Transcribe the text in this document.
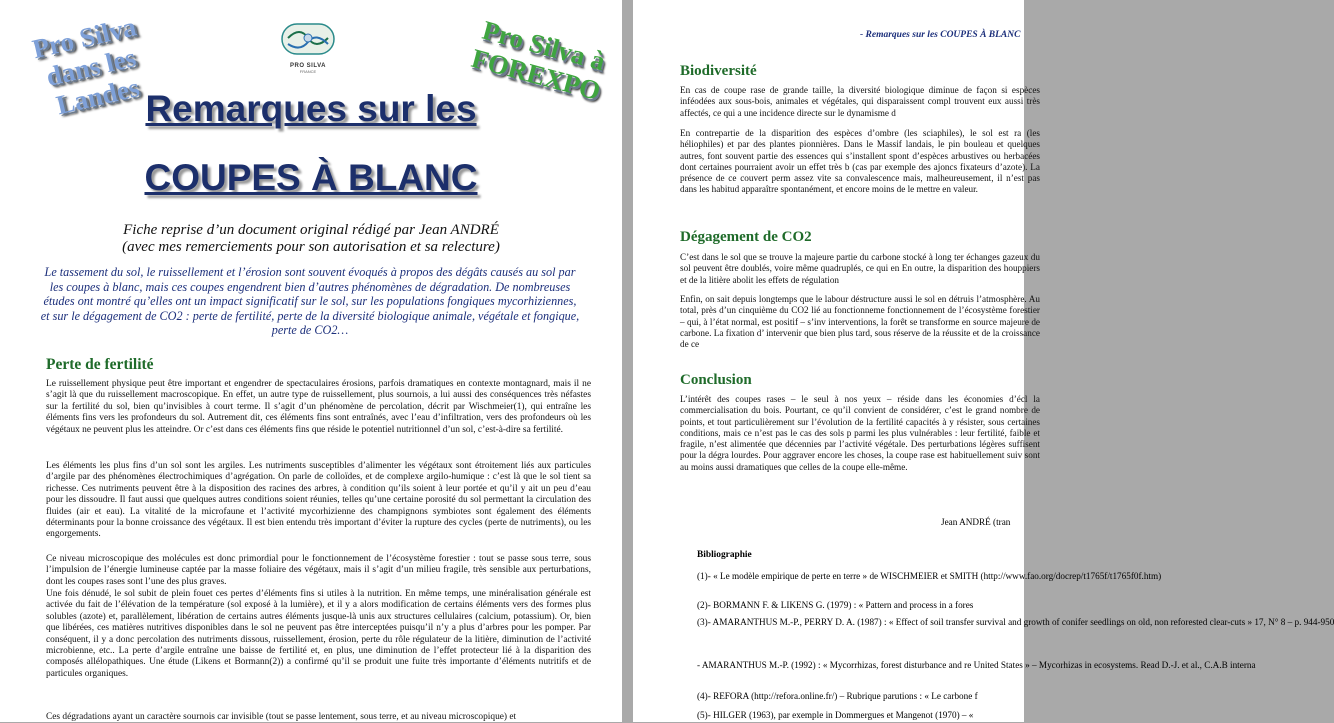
Pro Silva dans les Landes
PRO SILVA
FRANCE	Pro Silva à FOREXPO
Remarques sur les
COUPES À BLANC
Fiche reprise d’un document original rédigé par Jean ANDRÉ
(avec mes remerciements pour son autorisation et sa relecture)
Le tassement du sol, le ruissellement et l’érosion sont souvent évoqués à propos des dégâts causés au sol par les coupes à blanc, mais ces coupes engendrent bien d’autres phénomènes de dégradation. De nombreuses études ont montré qu’elles ont un impact significatif sur le sol, sur les populations fongiques mycorhiziennes, et sur le dégagement de CO2 : perte de fertilité, perte de la diversité biologique animale, végétale et fongique, perte de CO2…
Perte de fertilité

Le ruissellement physique peut être important et engendrer de spectaculaires érosions, parfois dramatiques en contexte montagnard, mais il ne s’agit là que du ruissellement macroscopique. En effet, un autre type de ruissellement, plus sournois, a lui aussi des conséquences très néfastes sur la fertilité du sol, bien qu’invisibles à court terme. Il s’agit d’un phénomène de percolation, décrit par Wischmeier(1), qui entraîne les éléments fins vers les profondeurs du sol. Autrement dit, ces éléments fins sont entraînés, avec l’eau d’infiltration, vers des profondeurs où les végétaux ne peuvent plus les atteindre. Or c’est dans ces éléments fins que réside le potentiel nutritionnel d’un sol, c’est-à-dire sa fertilité.

Les éléments les plus fins d’un sol sont les argiles. Les nutriments susceptibles d’alimenter les végétaux sont étroitement liés aux particules d’argile par des phénomènes électrochimiques d’agrégation. On parle de colloïdes, et de complexe argilo-humique : c’est là que le sol tient sa richesse. Ces nutriments peuvent être à la disposition des racines des arbres, à condition qu’ils soient à leur portée et qu’il y ait un peu d’eau pour les dissoudre. Il faut aussi que quelques autres conditions soient réunies, telles qu’une certaine porosité du sol permettant la circulation des fluides (air et eau). La vitalité de la microfaune et l’activité mycorhizienne des champignons symbiotes sont également des éléments déterminants pour la bonne croissance des végétaux. Il est bien entendu très important d’éviter la rupture des cycles (perte de nutriments), ou les engorgements.

Ce niveau microscopique des molécules est donc primordial pour le fonctionnement de l’écosystème forestier : tout se passe sous terre, sous l’impulsion de l’énergie lumineuse captée par la masse foliaire des végétaux, mais il s’agit d’un milieu fragile, très sensible aux perturbations, dont les coupes rases sont l’une des plus graves.

Une fois dénudé, le sol subit de plein fouet ces pertes d’éléments fins si utiles à la nutrition. En même temps, une minéralisation générale est activée du fait de l’élévation de la température (sol exposé à la lumière), et il y a alors modification de certains éléments vers des formes plus solubles (azote) et, parallèlement, libération de certains autres éléments jusque-là unis aux structures cellulaires (calcium, potassium). Or, bien que libérées, ces matières nutritives disponibles dans le sol ne peuvent pas être interceptées puisqu’il n’y a plus d’arbres pour les pomper. Par conséquent, il y a donc percolation des nutriments dissous, ruissellement, érosion, perte du rôle régulateur de la litière, diminution de l’activité microbienne, etc.. La perte d’argile entraîne une baisse de fertilité et, en plus, une diminution de l’effet protecteur lié à la disparition des composés allélopathiques. Une étude (Likens et Bormann(2)) a confirmé qu’il se produit une fuite très importante d’éléments nutritifs et de particules organiques.

Ces dégradations ayant un caractère sournois car invisible (tout se passe lentement, sous terre, et au niveau microscopique) et

- Remarques sur les COUPES À BLANC
Biodiversité

En cas de coupe rase de grande taille, la diversité biologique diminue de façon si espèces inféodées aux sous-bois, animales et végétales, qui disparaissent compl trouvent eux aussi très affectés, ce qui a une incidence directe sur le dynamisme d

En contrepartie de la disparition des espèces d’ombre (les sciaphiles), le sol est ra (les héliophiles) et par des plantes pionnières. Dans le Massif landais, le pin bouleau et quelques autres, font souvent partie des essences qui s’installent spont d’espèces arbustives ou herbacées dont certaines pourraient avoir un effet très b (cas par exemple des ajoncs fixateurs d’azote). La présence de ce couvert perm assez vite sa convalescence mais, malheureusement, il n’est pas dans les habitud apparaître spontanément, et encore moins de le mettre en valeur.

Dégagement de CO2

C’est dans le sol que se trouve la majeure partie du carbone stocké à long ter échanges gazeux du sol peuvent être doublés, voire même quadruplés, ce qui en En outre, la disparition des houppiers et de la litière abolit les effets de régulation

Enfin, on sait depuis longtemps que le labour déstructure aussi le sol en détruis l’atmosphère. Au total, près d’un cinquième du CO2 lié au fonctionneme fonctionnement de l’écosystème forestier – qui, à l’état normal, est positif – s’inv interventions, la forêt se transforme en source majeure de carbone. La fixation d’ intervenir que bien plus tard, sous réserve de la réussite et de la croissance de ce

Conclusion

L’intérêt des coupes rases – le seul à nos yeux – réside dans les économies d’écl la commercialisation du bois. Pourtant, ce qu’il convient de considérer, c’est le grand nombre de points, et tout particulièrement sur l’évolution de la fertilité capacités à y résister, sous certaines conditions, mais ce n’est pas le cas des sols p parmi les plus vulnérables : leur fertilité, faible et fragile, n’est alimentée que décennies par l’activité végétale. Des perturbations légères suffisent pour la dégra lourdes. Pour aggraver encore les choses, la coupe rase est habituellement suiv sont au moins aussi dramatiques que celles de la coupe elle-même.

Jean ANDRÉ (tran
Bibliographie
(1)- « Le modèle empirique de perte en terre » de WISCHMEIER et SMITH (http://www.fao.org/docrep/t1765f/t1765f0f.htm)
(2)- BORMANN F. & LIKENS G. (1979) : « Pattern and process in a fores
(3)- AMARANTHUS M.-P., PERRY D. A. (1987) : « Effect of soil transfer survival and growth of conifer seedlings on old, non reforested clear-cuts » 17, N° 8 – p. 944-950
- AMARANTHUS M.-P. (1992) : « Mycorrhizas, forest disturbance and re United States » – Mycorhizas in ecosystems. Read D.-J. et al., C.A.B interna
(4)- REFORA (http://refora.online.fr/) – Rubrique parutions : « Le carbone f
(5)- HILGER (1963), par exemple in Dommergues et Mangenot (1970) – «
